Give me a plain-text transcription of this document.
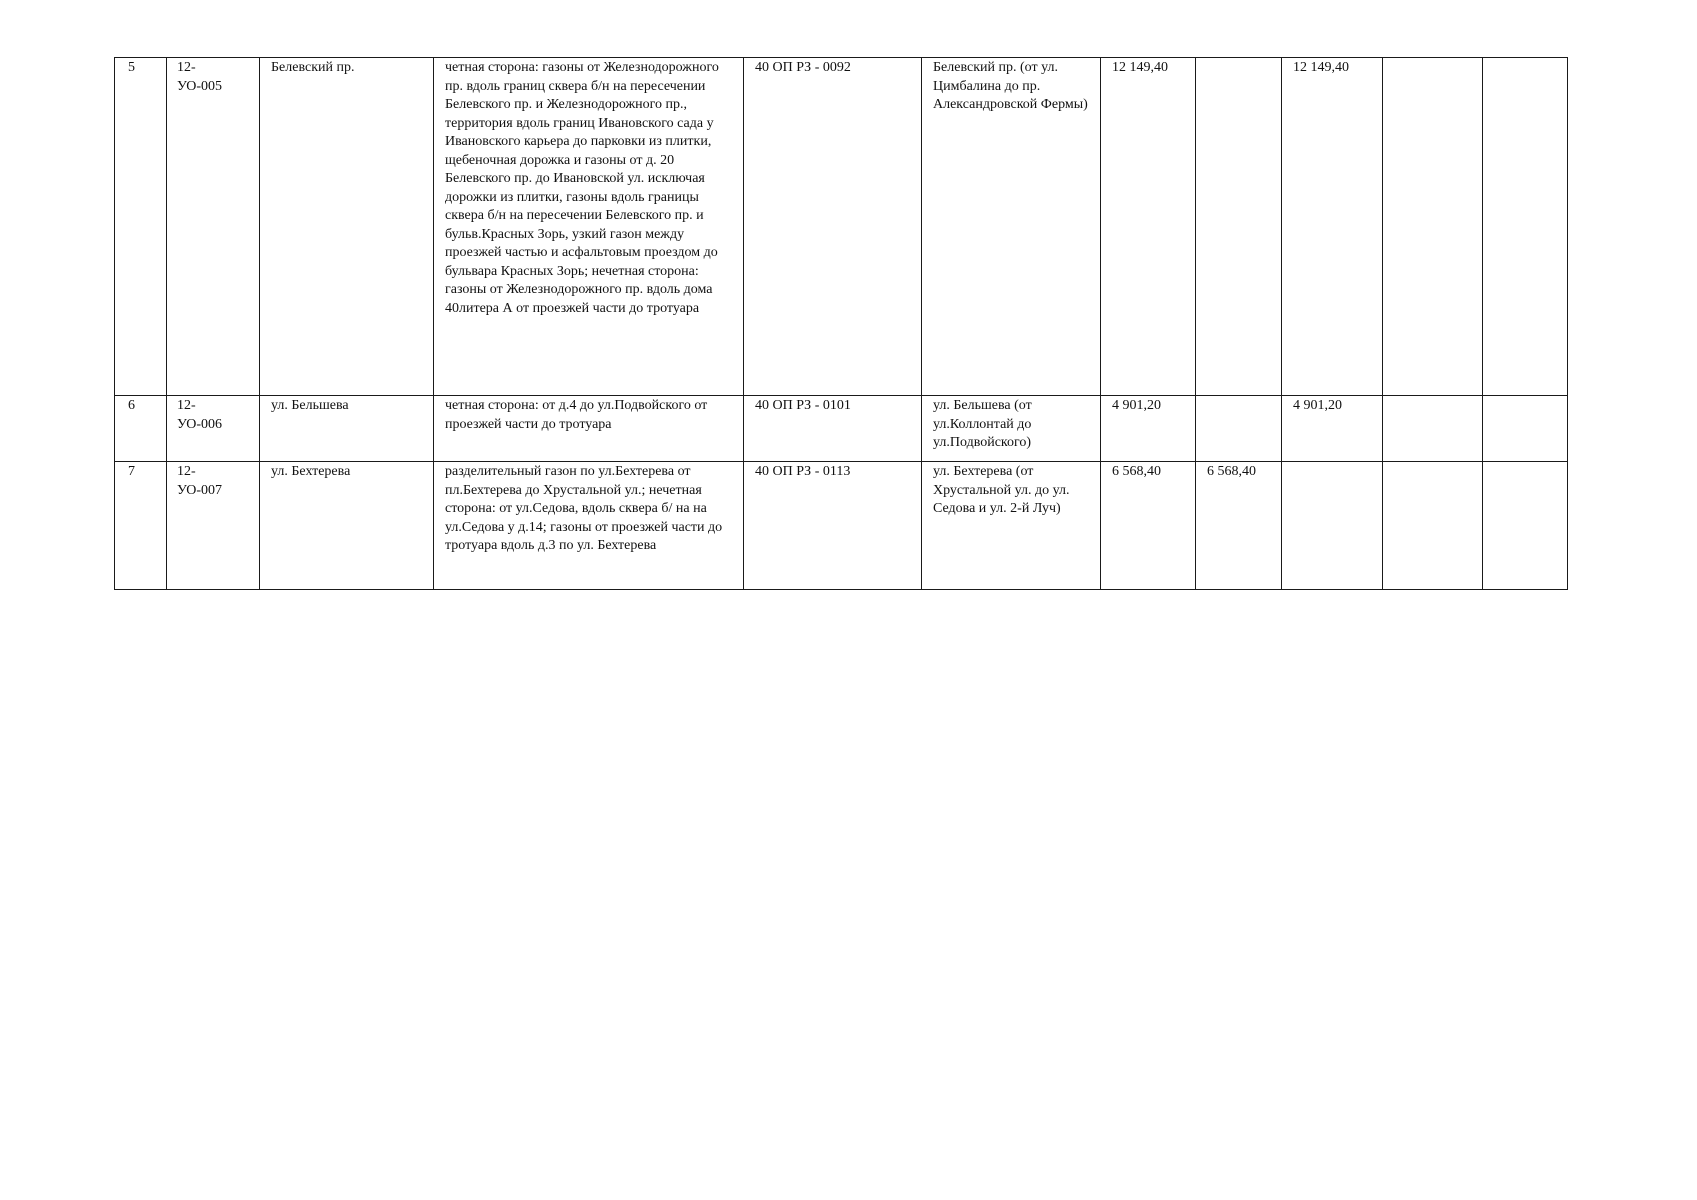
5	12-УО-005	Белевский пр.	четная сторона: газоны от Железнодорожного пр. вдоль границ сквера б/н на пересечении Белевского пр. и Железнодорожного пр., территория вдоль границ Ивановского сада у Ивановского карьера до парковки из плитки, щебеночная дорожка и газоны от д. 20 Белевского пр. до Ивановской ул. исключая дорожки из плитки, газоны вдоль границы сквера б/н на пересечении Белевского пр. и бульв.Красных Зорь, узкий газон между проезжей частью и асфальтовым проездом до бульвара Красных Зорь; нечетная сторона: газоны от Железнодорожного пр. вдоль дома 40литера А от проезжей части до тротуара	40 ОП РЗ - 0092	Белевский пр. (от ул. Цимбалина до пр. Александровской Фермы)	12 149,40		12 149,40		

6	12-УО-006	ул. Бельшева	четная сторона: от д.4 до ул.Подвойского от проезжей части до тротуара	40 ОП РЗ - 0101	ул. Бельшева (от ул.Коллонтай до ул.Подвойского)	4 901,20		4 901,20		

7	12-УО-007	ул. Бехтерева	разделительный газон по ул.Бехтерева от пл.Бехтерева до Хрустальной ул.; нечетная сторона: от ул.Седова, вдоль сквера б/ на на ул.Седова у д.14; газоны от проезжей части до тротуара вдоль д.3 по ул. Бехтерева	40 ОП РЗ - 0113	ул. Бехтерева (от Хрустальной ул. до ул. Седова и ул. 2-й Луч)	6 568,40	6 568,40			
